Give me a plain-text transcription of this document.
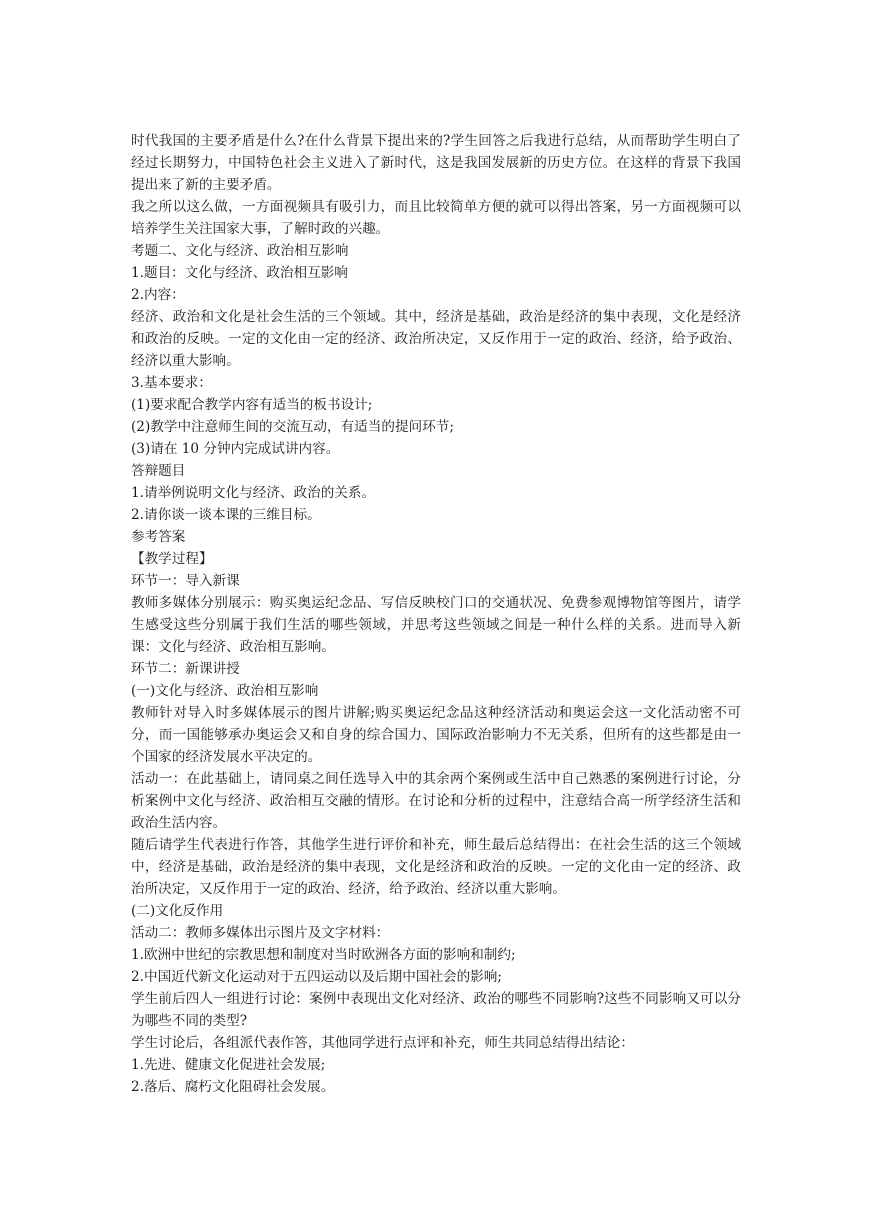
时代我国的主要矛盾是什么?在什么背景下提出来的?学生回答之后我进行总结，从而帮助学生明白了经过长期努力，中国特色社会主义进入了新时代，这是我国发展新的历史方位。在这样的背景下我国提出来了新的主要矛盾。

我之所以这么做，一方面视频具有吸引力，而且比较简单方便的就可以得出答案，另一方面视频可以培养学生关注国家大事，了解时政的兴趣。

考题二、文化与经济、政治相互影响

1.题目：文化与经济、政治相互影响

2.内容：

经济、政治和文化是社会生活的三个领域。其中，经济是基础，政治是经济的集中表现，文化是经济和政治的反映。一定的文化由一定的经济、政治所决定，又反作用于一定的政治、经济，给予政治、经济以重大影响。

3.基本要求：

(1)要求配合教学内容有适当的板书设计;

(2)教学中注意师生间的交流互动，有适当的提问环节;

(3)请在 10 分钟内完成试讲内容。

答辩题目

1.请举例说明文化与经济、政治的关系。

2.请你谈一谈本课的三维目标。

参考答案

【教学过程】

环节一：导入新课

教师多媒体分别展示：购买奥运纪念品、写信反映校门口的交通状况、免费参观博物馆等图片，请学生感受这些分别属于我们生活的哪些领域，并思考这些领域之间是一种什么样的关系。进而导入新课：文化与经济、政治相互影响。

环节二：新课讲授

(一)文化与经济、政治相互影响

教师针对导入时多媒体展示的图片讲解;购买奥运纪念品这种经济活动和奥运会这一文化活动密不可分，而一国能够承办奥运会又和自身的综合国力、国际政治影响力不无关系，但所有的这些都是由一个国家的经济发展水平决定的。

活动一：在此基础上，请同桌之间任选导入中的其余两个案例或生活中自己熟悉的案例进行讨论，分析案例中文化与经济、政治相互交融的情形。在讨论和分析的过程中，注意结合高一所学经济生活和政治生活内容。

随后请学生代表进行作答，其他学生进行评价和补充，师生最后总结得出：在社会生活的这三个领域中，经济是基础，政治是经济的集中表现，文化是经济和政治的反映。一定的文化由一定的经济、政治所决定，又反作用于一定的政治、经济，给予政治、经济以重大影响。

(二)文化反作用

活动二：教师多媒体出示图片及文字材料：

1.欧洲中世纪的宗教思想和制度对当时欧洲各方面的影响和制约;

2.中国近代新文化运动对于五四运动以及后期中国社会的影响;

学生前后四人一组进行讨论：案例中表现出文化对经济、政治的哪些不同影响?这些不同影响又可以分为哪些不同的类型?

学生讨论后，各组派代表作答，其他同学进行点评和补充，师生共同总结得出结论：

1.先进、健康文化促进社会发展;

2.落后、腐朽文化阻碍社会发展。
